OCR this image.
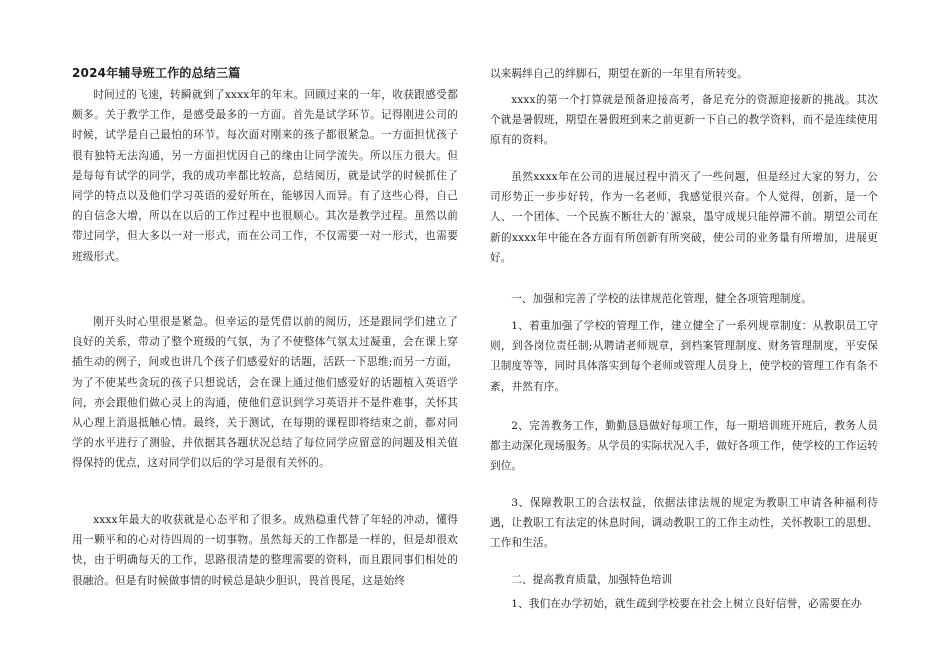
2024年辅导班工作的总结三篇

时间过的飞速，转瞬就到了xxxx年的年末。回顾过来的一年，收获跟感受都颇多。关于教学工作，是感受最多的一方面。首先是试学环节。记得刚进公司的时候，试学是自己最怕的环节。每次面对刚来的孩子都很紧急。一方面担忧孩子很有独特无法沟通，另一方面担忧因自己的缘由让同学流失。所以压力很大。但是每每有试学的同学，我的成功率都比较高，总结阅历，就是试学的时候抓住了同学的特点以及他们学习英语的爱好所在，能够因人而异。有了这些心得，自己的自信念大增，所以在以后的工作过程中也很顺心。其次是教学过程。虽然以前带过同学，但大多以一对一形式，而在公司工作，不仅需要一对一形式，也需要班级形式。

刚开头时心里很是紧急。但幸运的是凭借以前的阅历，还是跟同学们建立了良好的关系，带动了整个班级的气氛，为了不使整体气氛太过凝重，会在课上穿插生动的例子，间或也讲几个孩子们感爱好的话题，活跃一下思维;而另一方面，为了不使某些贪玩的孩子只想说话，会在课上通过他们感爱好的话题植入英语学问，亦会跟他们做心灵上的沟通，使他们意识到学习英语并不是件难事，关怀其从心理上消退抵触心情。最终，关于测试，在每期的课程即将结束之前，都对同学的水平进行了测验，并依据其各题状况总结了每位同学应留意的问题及相关值得保持的优点，这对同学们以后的学习是很有关怀的。

xxxx年最大的收获就是心态平和了很多。成熟稳重代替了年轻的冲动，懂得用一颗平和的心对待四周的一切事物。虽然每天的工作都是一样的，但是却很欢快，由于明确每天的工作，思路很清楚的整理需要的资料，而且跟同事们相处的很融洽。但是有时候做事情的时候总是缺少胆识，畏首畏尾，这是始终

以来羁绊自己的绊脚石，期望在新的一年里有所转变。

xxxx的第一个打算就是预备迎接高考，备足充分的资源迎接新的挑战。其次个就是暑假班，期望在暑假班到来之前更新一下自己的教学资料，而不是连续使用原有的资料。

虽然xxxx年在公司的进展过程中消灭了一些问题，但是经过大家的努力，公司形势正一步步好转，作为一名老师，我感觉很兴奋。个人觉得，创新，是一个人、一个团体、一个民族不断壮大的˙源泉，墨守成规只能停滞不前。期望公司在新的xxxx年中能在各方面有所创新有所突破，使公司的业务量有所增加，进展更好。

一、加强和完善了学校的法律规范化管理，健全各项管理制度。

1、着重加强了学校的管理工作，建立健全了一系列规章制度：从教职员工守则，到各岗位责任制;从聘请老师规章，到档案管理制度、财务管理制度，平安保卫制度等等，同时具体落实到每个老师或管理人员身上，使学校的管理工作有条不紊，井然有序。

2、完善教务工作，勤勤恳恳做好每项工作，每一期培训班开班后，教务人员都主动深化现场服务。从学员的实际状况入手，做好各项工作，使学校的工作运转到位。

3、保障教职工的合法权益，依据法律法规的规定为教职工申请各种福利待遇，让教职工有法定的休息时间，调动教职工的工作主动性，关怀教职工的思想、工作和生活。

二、提高教育质量，加强特色培训

1、我们在办学初始，就生疏到学校要在社会上树立良好信誉，必需要在办
